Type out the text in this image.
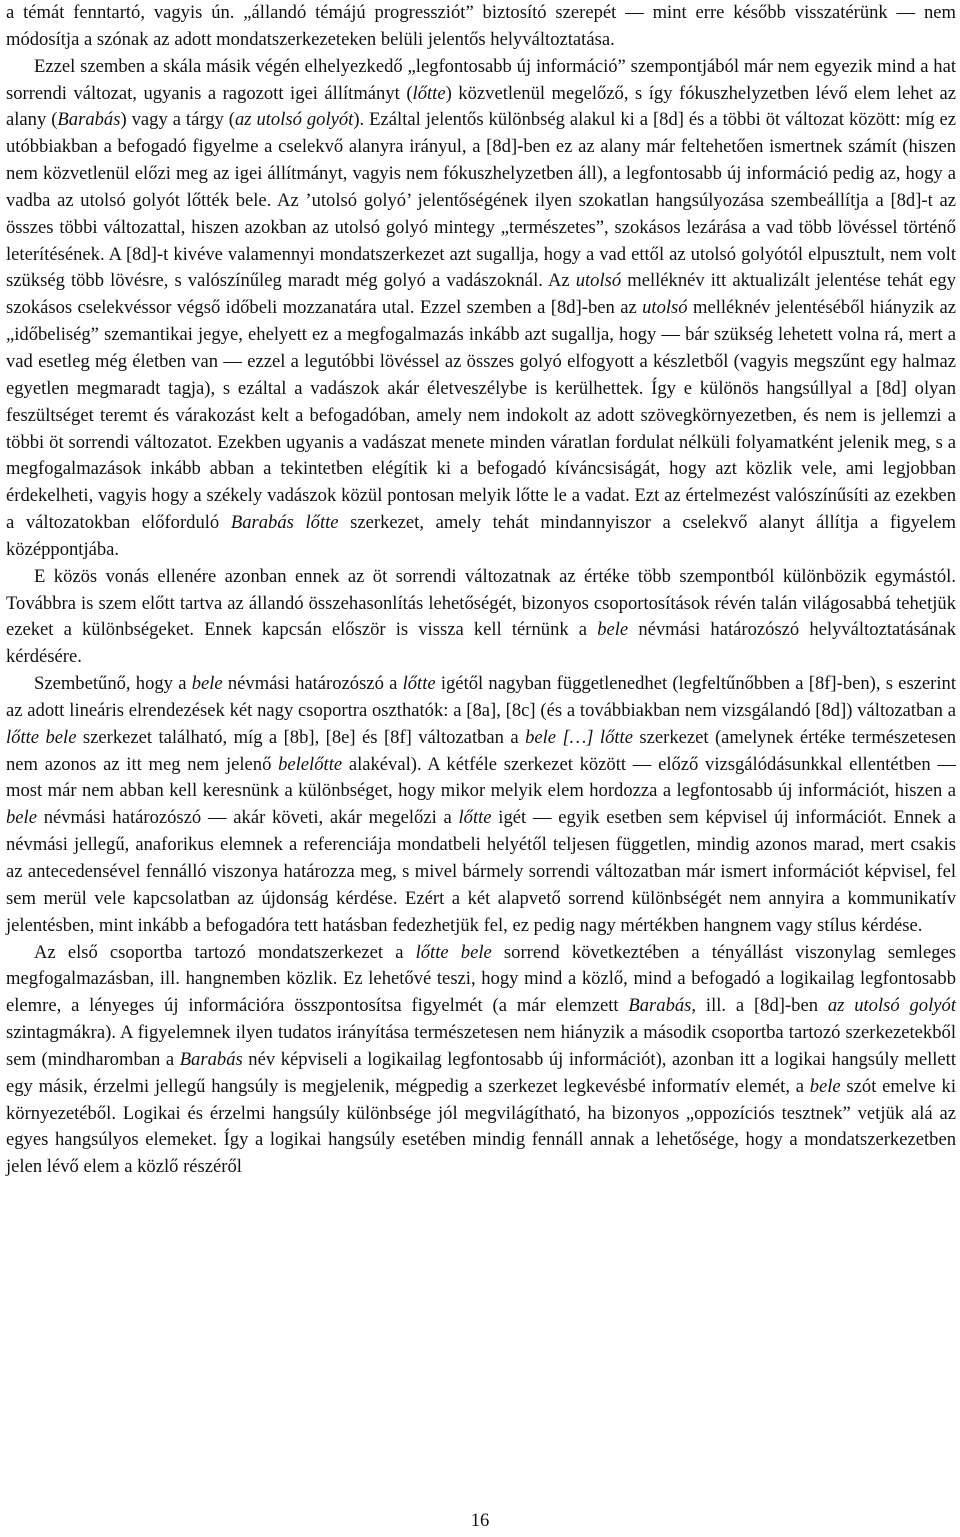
a témát fenntartó, vagyis ún. „állandó témájú progressziót” biztosító szerepét — mint erre később visszatérünk — nem módosítja a szónak az adott mondatszerkezeteken belüli jelentős helyváltoztatása.

Ezzel szemben a skála másik végén elhelyezkedő „legfontosabb új információ” szempontjából már nem egyezik mind a hat sorrendi változat, ugyanis a ragozott igei állítmányt (lőtte) közvetlenül megelőző, s így fókuszhelyzetben lévő elem lehet az alany (Barabás) vagy a tárgy (az utolsó golyót). Ezáltal jelentős különbség alakul ki a [8d] és a többi öt változat között: míg ez utóbbiakban a befogadó figyelme a cselekvő alanyra irányul, a [8d]-ben ez az alany már feltehetően ismertnek számít (hiszen nem közvetlenül előzi meg az igei állítmányt, vagyis nem fókuszhelyzetben áll), a legfontosabb új információ pedig az, hogy a vadba az utolsó golyót lőtték bele. Az ’utolsó golyó’ jelentőségének ilyen szokatlan hangsúlyozása szembeállítja a [8d]-t az összes többi változattal, hiszen azokban az utolsó golyó mintegy „természetes”, szokásos lezárása a vad több lövéssel történő leterítésének. A [8d]-t kivéve valamennyi mondatszerkezet azt sugallja, hogy a vad ettől az utolsó golyótól elpusztult, nem volt szükség több lövésre, s valószínűleg maradt még golyó a vadászoknál. Az utolsó melléknév itt aktualizált jelentése tehát egy szokásos cselekvéssor végső időbeli mozzanatára utal. Ezzel szemben a [8d]-ben az utolsó melléknév jelentéséből hiányzik az „időbeliség” szemantikai jegye, ehelyett ez a megfogalmazás inkább azt sugallja, hogy — bár szükség lehetett volna rá, mert a vad esetleg még életben van — ezzel a legutóbbi lövéssel az összes golyó elfogyott a készletből (vagyis megszűnt egy halmaz egyetlen megmaradt tagja), s ezáltal a vadászok akár életveszélybe is kerülhettek. Így e különös hangsúllyal a [8d] olyan feszültséget teremt és várakozást kelt a befogadóban, amely nem indokolt az adott szövegkörnyezetben, és nem is jellemzi a többi öt sorrendi változatot. Ezekben ugyanis a vadászat menete minden váratlan fordulat nélküli folyamatként jelenik meg, s a megfogalmazások inkább abban a tekintetben elégítik ki a befogadó kíváncsiságát, hogy azt közlik vele, ami legjobban érdekelheti, vagyis hogy a székely vadászok közül pontosan melyik lőtte le a vadat. Ezt az értelmezést valószínűsíti az ezekben a változatokban előforduló Barabás lőtte szerkezet, amely tehát mindannyiszor a cselekvő alanyt állítja a figyelem középpontjába.

E közös vonás ellenére azonban ennek az öt sorrendi változatnak az értéke több szempontból különbözik egymástól. Továbbra is szem előtt tartva az állandó összehasonlítás lehetőségét, bizonyos csoportosítások révén talán világosabbá tehetjük ezeket a különbségeket. Ennek kapcsán először is vissza kell térnünk a bele névmási határozószó helyváltoztatásának kérdésére.

Szembetűnő, hogy a bele névmási határozószó a lőtte igétől nagyban függetlenedhet (legfeltűnőbben a [8f]-ben), s eszerint az adott lineáris elrendezések két nagy csoportra oszthatók: a [8a], [8c] (és a továbbiakban nem vizsgálandó [8d]) változatban a lőtte bele szerkezet található, míg a [8b], [8e] és [8f] változatban a bele […] lőtte szerkezet (amelynek értéke természetesen nem azonos az itt meg nem jelenő belelőtte alakéval). A kétféle szerkezet között — előző vizsgálódásunkkal ellentétben — most már nem abban kell keresnünk a különbséget, hogy mikor melyik elem hordozza a legfontosabb új információt, hiszen a bele névmási határozószó — akár követi, akár megelőzi a lőtte igét — egyik esetben sem képvisel új információt. Ennek a névmási jellegű, anaforikus elemnek a referenciája mondatbeli helyétől teljesen független, mindig azonos marad, mert csakis az antecedensével fennálló viszonya határozza meg, s mivel bármely sorrendi változatban már ismert információt képvisel, fel sem merül vele kapcsolatban az újdonság kérdése. Ezért a két alapvető sorrend különbségét nem annyira a kommunikatív jelentésben, mint inkább a befogadóra tett hatásban fedezhetjük fel, ez pedig nagy mértékben hangnem vagy stílus kérdése.

Az első csoportba tartozó mondatszerkezet a lőtte bele sorrend következtében a tényállást viszonylag semleges megfogalmazásban, ill. hangnemben közlik. Ez lehetővé teszi, hogy mind a közlő, mind a befogadó a logikailag legfontosabb elemre, a lényeges új információra összpontosítsa figyelmét (a már elemzett Barabás, ill. a [8d]-ben az utolsó golyót szintagmákra). A figyelemnek ilyen tudatos irányítása természetesen nem hiányzik a második csoportba tartozó szerkezetekből sem (mindharomban a Barabás név képviseli a logikailag legfontosabb új információt), azonban itt a logikai hangsúly mellett egy másik, érzelmi jellegű hangsúly is megjelenik, mégpedig a szerkezet legkevésbé informatív elemét, a bele szót emelve ki környezetéből. Logikai és érzelmi hangsúly különbsége jól megvilágítható, ha bizonyos „oppozíciós tesztnek” vetjük alá az egyes hangsúlyos elemeket. Így a logikai hangsúly esetében mindig fennáll annak a lehetősége, hogy a mondatszerkezetben jelen lévő elem a közlő részéről

16
